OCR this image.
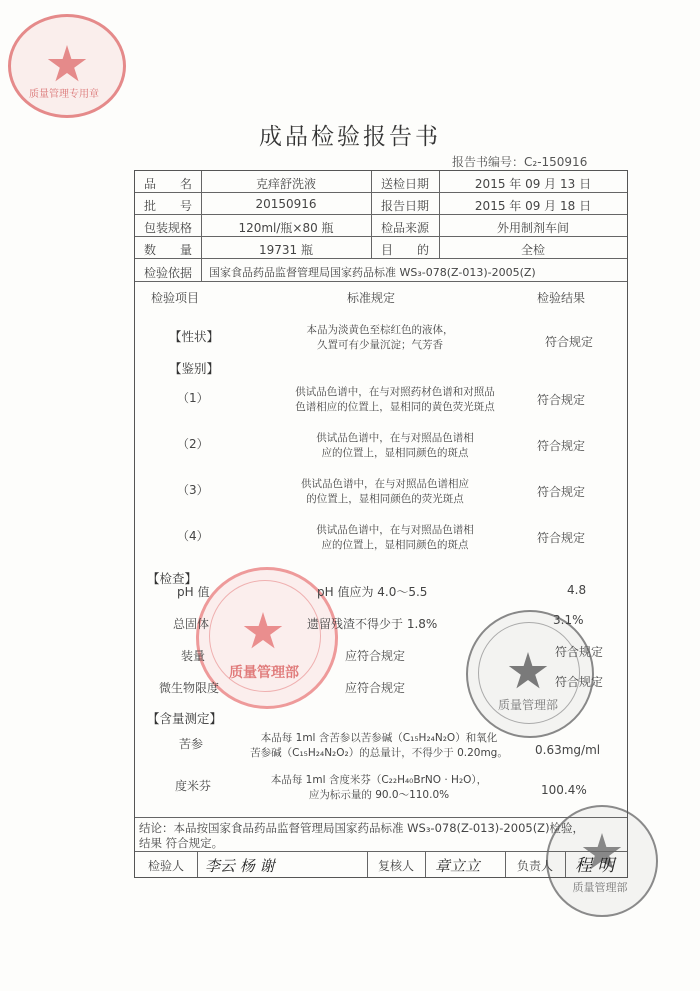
质量管理专用章
质量管理部
质量管理部
质量管理部
成品检验报告书
报告书编号：C₂-150916
品　　名	克痒舒洗液	送检日期	2015 年 09 月 13 日
批　　号	20150916	报告日期	2015 年 09 月 18 日
包装规格	120ml/瓶×80 瓶	检品来源	外用制剂车间
数　　量	19731 瓶	目　　的	全检
检验依据	国家食品药品监督管理局国家药品标准 WS₃-078(Z-013)-2005(Z)
检验项目	标准规定	检验结果
【性状】	本品为淡黄色至棕红色的液体，
久置可有少量沉淀；气芳香	符合规定
【鉴别】
（1）	供试品色谱中，在与对照药材色谱和对照品
色谱相应的位置上，显相同的黄色荧光斑点	符合规定
（2）	供试品色谱中，在与对照品色谱相
应的位置上，显相同颜色的斑点	符合规定
（3）	供试品色谱中，在与对照品色谱相应
的位置上，显相同颜色的荧光斑点	符合规定
（4）	供试品色谱中，在与对照品色谱相
应的位置上，显相同颜色的斑点	符合规定
【检查】
pH 值	pH 值应为 4.0～5.5	4.8
总固体	遗留残渣不得少于 1.8%	3.1%
装量	应符合规定	符合规定
微生物限度	应符合规定	符合规定
【含量测定】
苦参	本品每 1ml 含苦参以苦参碱（C₁₅H₂₄N₂O）和氧化
苦参碱（C₁₅H₂₄N₂O₂）的总量计，不得少于 0.20mg。 0.63mg/ml
度米芬	本品每 1ml 含度米芬（C₂₂H₄₀BrNO · H₂O），
应为标示量的 90.0～110.0%	100.4%
结论：本品按国家食品药品监督管理局国家药品标准 WS₃-078(Z-013)-2005(Z)检验，
结果 符合规定。
检验人	李云 杨 谢	复核人	章立立	负责人	程 明
